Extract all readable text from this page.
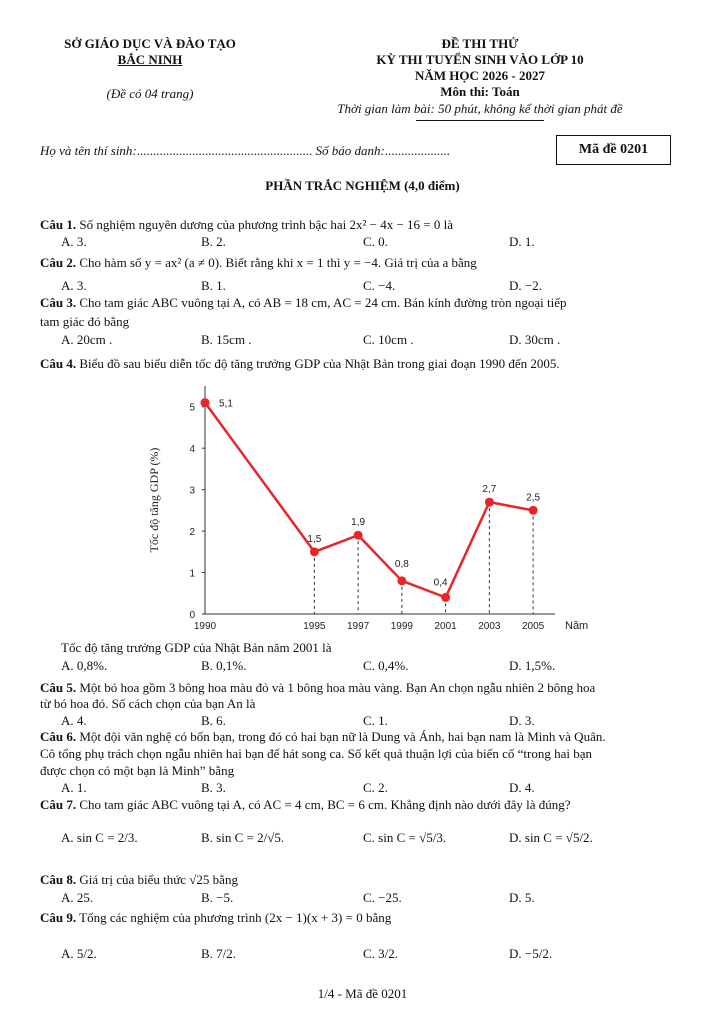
SỞ GIÁO DỤC VÀ ĐÀO TẠO
BẮC NINH
(Đề có 04 trang)
ĐỀ THI THỬ
KỲ THI TUYỂN SINH VÀO LỚP 10
NĂM HỌC 2026 - 2027
Môn thi: Toán
Thời gian làm bài: 50 phút, không kể thời gian phát đề
Họ và tên thí sinh:...................................................... Số báo danh:....................	Mã đề 0201
PHẦN TRẮC NGHIỆM (4,0 điểm)
Câu 1. Số nghiệm nguyên dương của phương trình bậc hai 2x² − 4x − 16 = 0 là
A. 3.	B. 2.	C. 0.	D. 1.
Câu 2. Cho hàm số y = ax² (a ≠ 0). Biết rằng khi x = 1 thì y = −4. Giá trị của a bằng
A. 3.	B. 1.	C. −4.	D. −2.
Câu 3. Cho tam giác ABC vuông tại A, có AB = 18 cm, AC = 24 cm. Bán kính đường tròn ngoại tiếp
tam giác đó bằng
A. 20cm .	B. 15cm .	C. 10cm .	D. 30cm .
Câu 4. Biểu đồ sau biểu diễn tốc độ tăng trưởng GDP của Nhật Bản trong giai đoạn 1990 đến 2005.
0
1
2
3
4
5
Tốc độ tăng GDP (%)
1990	1995 1997 1999 2001 2003 2005 Năm
5,1
1,5
1,9
0,8
0,4
2,7
2,5
Tốc độ tăng trưởng GDP của Nhật Bản năm 2001 là
A. 0,8%.	B. 0,1%.	C. 0,4%.	D. 1,5%.
Câu 5. Một bó hoa gồm 3 bông hoa màu đỏ và 1 bông hoa màu vàng. Bạn An chọn ngẫu nhiên 2 bông hoa
từ bó hoa đó. Số cách chọn của bạn An là
A. 4.	B. 6.	C. 1.	D. 3.
Câu 6. Một đội văn nghệ có bốn bạn, trong đó có hai bạn nữ là Dung và Ánh, hai bạn nam là Minh và Quân.
Cô tổng phụ trách chọn ngẫu nhiên hai bạn để hát song ca. Số kết quả thuận lợi của biến cố “trong hai bạn
được chọn có một bạn là Minh” bằng
A. 1.	B. 3.	C. 2.	D. 4.
Câu 7. Cho tam giác ABC vuông tại A, có AC = 4 cm, BC = 6 cm. Khẳng định nào dưới đây là đúng?
A. sin C = 2/3.	B. sin C = 2/√5.	C. sin C = √5/3.	D. sin C = √5/2.
Câu 8. Giá trị của biểu thức √25 bằng
A. 25.	B. −5.	C. −25.	D. 5.
Câu 9. Tổng các nghiệm của phương trình (2x − 1)(x + 3) = 0 bằng
A. 5/2.	B. 7/2.	C. 3/2.	D. −5/2.
1/4 - Mã đề 0201
